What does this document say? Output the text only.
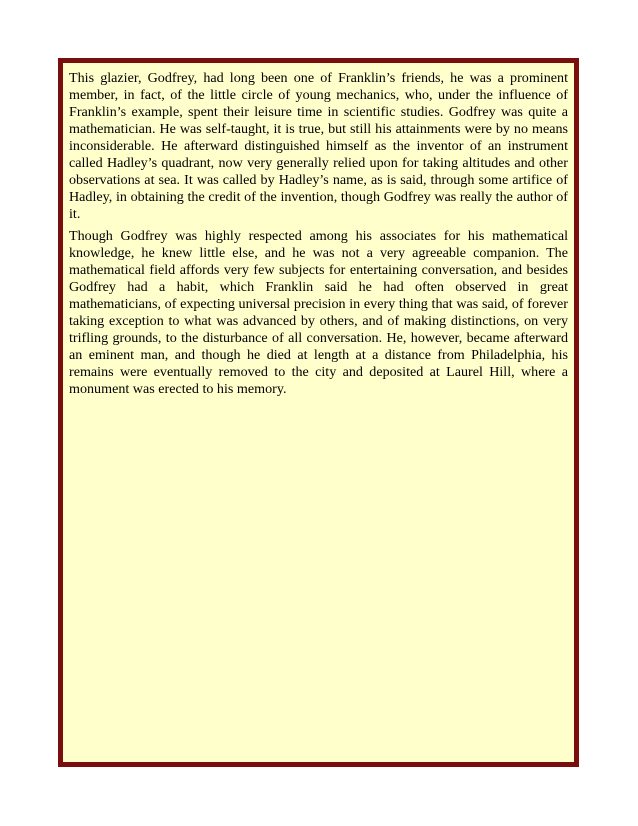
This glazier, Godfrey, had long been one of Franklin’s friends, he was a prominent member, in fact, of the little circle of young mechanics, who, under the influence of Franklin’s example, spent their leisure time in scientific studies. Godfrey was quite a mathematician. He was self-taught, it is true, but still his attainments were by no means inconsiderable. He afterward distinguished himself as the inventor of an instrument called Hadley’s quadrant, now very generally relied upon for taking altitudes and other observations at sea. It was called by Hadley’s name, as is said, through some artifice of Hadley, in obtaining the credit of the invention, though Godfrey was really the author of it.

Though Godfrey was highly respected among his associates for his mathematical knowledge, he knew little else, and he was not a very agreeable companion. The mathematical field affords very few subjects for entertaining conversation, and besides Godfrey had a habit, which Franklin said he had often observed in great mathematicians, of expecting universal precision in every thing that was said, of forever taking exception to what was advanced by others, and of making distinctions, on very trifling grounds, to the disturbance of all conversation. He, however, became afterward an eminent man, and though he died at length at a distance from Philadelphia, his remains were eventually removed to the city and deposited at Laurel Hill, where a monument was erected to his memory.
